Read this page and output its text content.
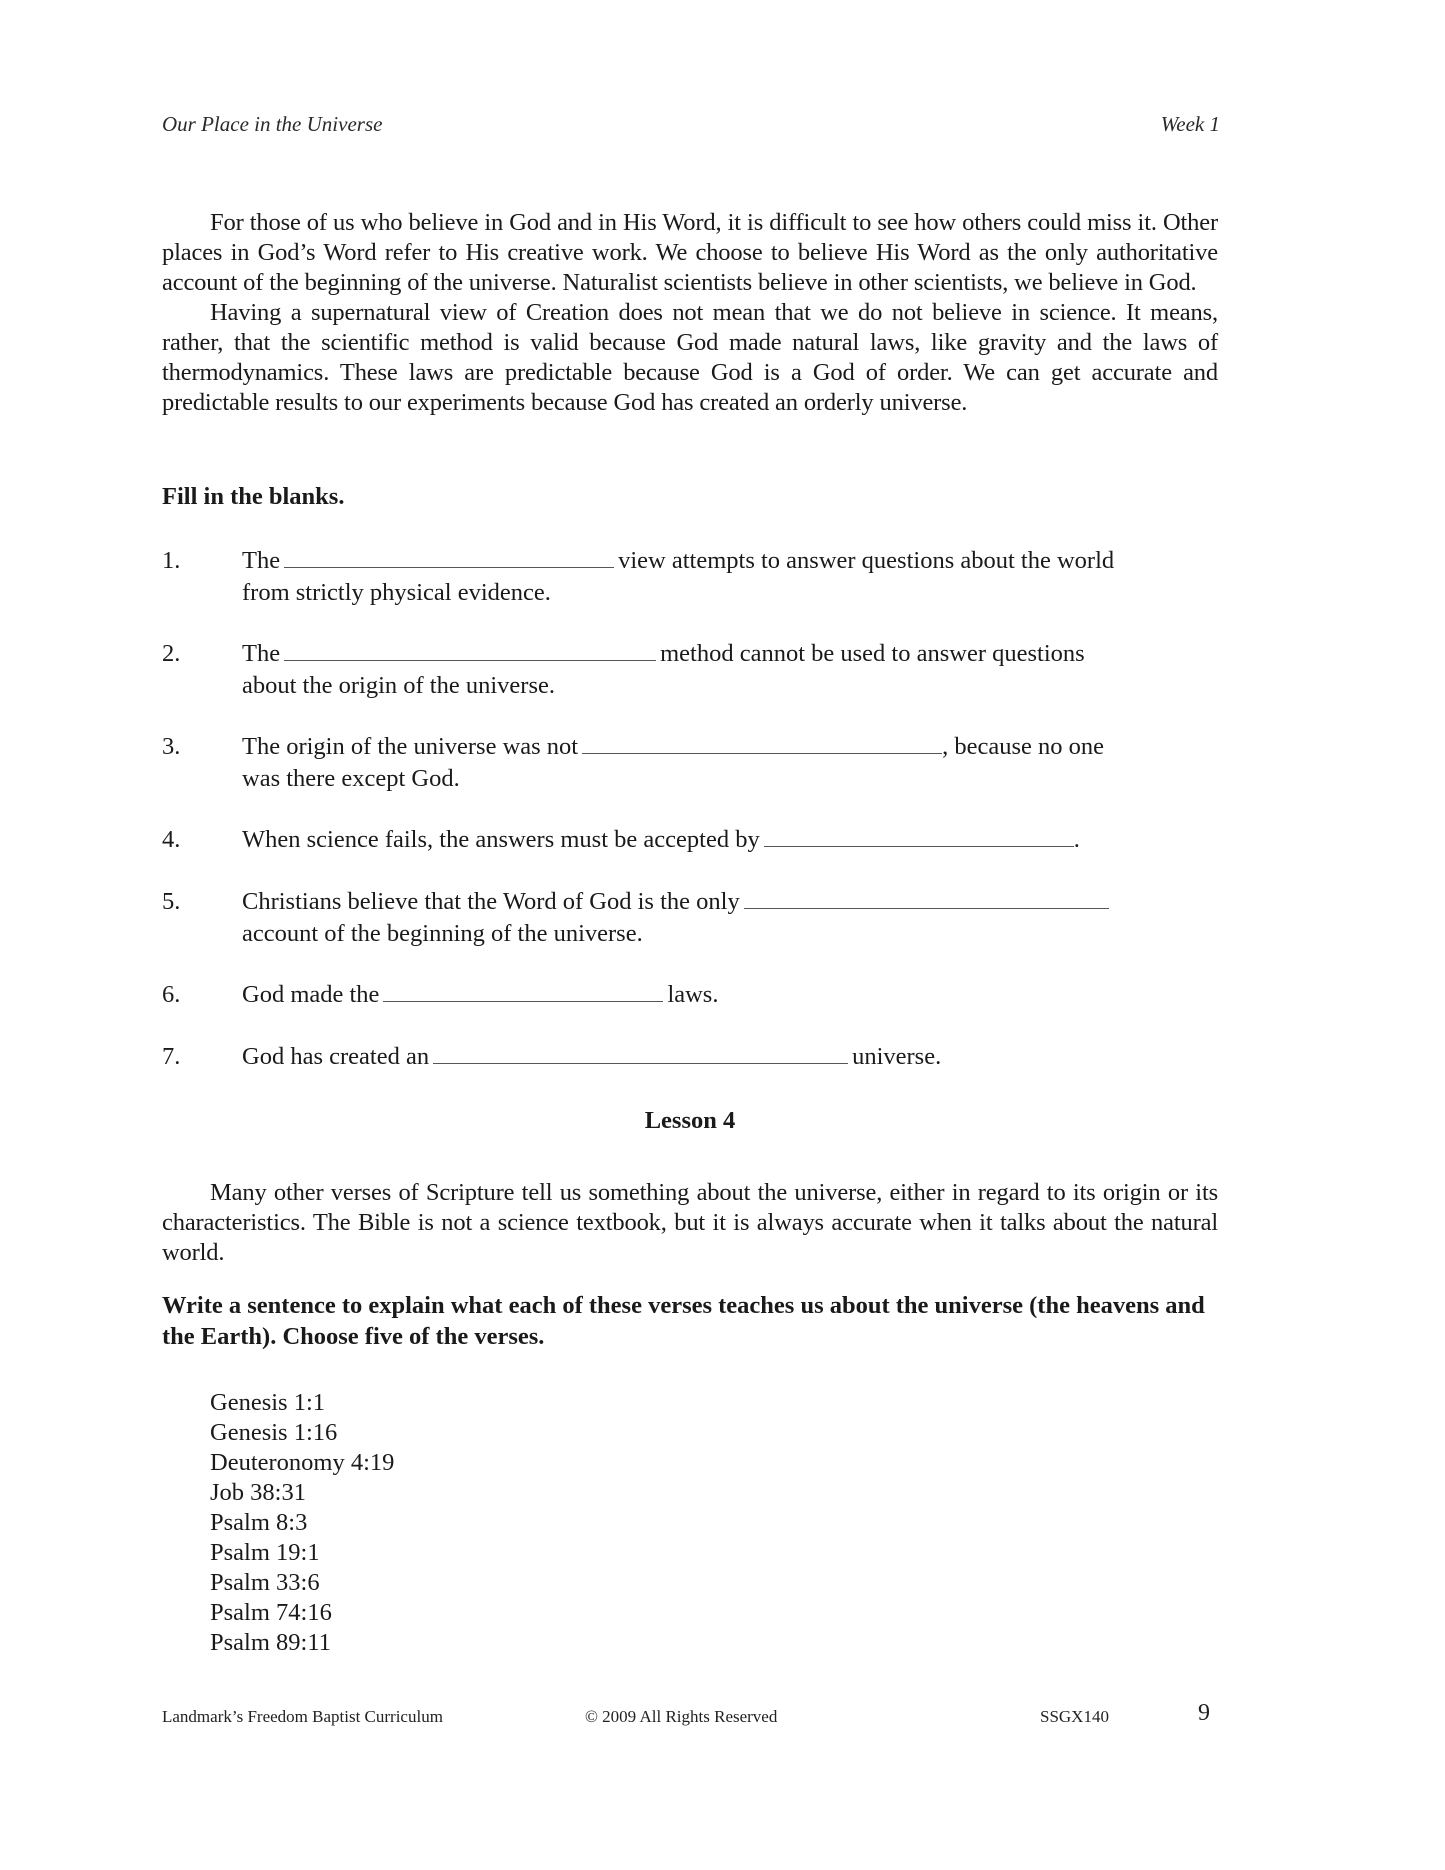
Our Place in the Universe	Week 1

For those of us who believe in God and in His Word, it is difficult to see how others could miss it. Other places in God’s Word refer to His creative work. We choose to believe His Word as the only authoritative account of the beginning of the universe. Naturalist scientists believe in other scientists, we believe in God.

Having a supernatural view of Creation does not mean that we do not believe in science. It means, rather, that the scientific method is valid because God made natural laws, like gravity and the laws of thermodynamics. These laws are predictable because God is a God of order. We can get accurate and predictable results to our experiments because God has created an orderly universe.

Fill in the blanks.
1.	The	view attempts to answer questions about the world
from strictly physical evidence.
2.	The	method cannot be used to answer questions
about the origin of the universe.
3.	The origin of the universe was not	, because no one
was there except God.
4.	When science fails, the answers must be accepted by	.
5.	Christians believe that the Word of God is the only
account of the beginning of the universe.
6.	God made the	laws.
7.	God has created an	universe.
Lesson 4

Many other verses of Scripture tell us something about the universe, either in regard to its origin or its characteristics. The Bible is not a science textbook, but it is always accurate when it talks about the natural world.

Write a sentence to explain what each of these verses teaches us about the universe (the heavens and the Earth). Choose five of the verses.
Genesis 1:1
Genesis 1:16
Deuteronomy 4:19
Job 38:31
Psalm 8:3
Psalm 19:1
Psalm 33:6
Psalm 74:16
Psalm 89:11
Landmark’s Freedom Baptist Curriculum	© 2009 All Rights Reserved	SSGX140	9
